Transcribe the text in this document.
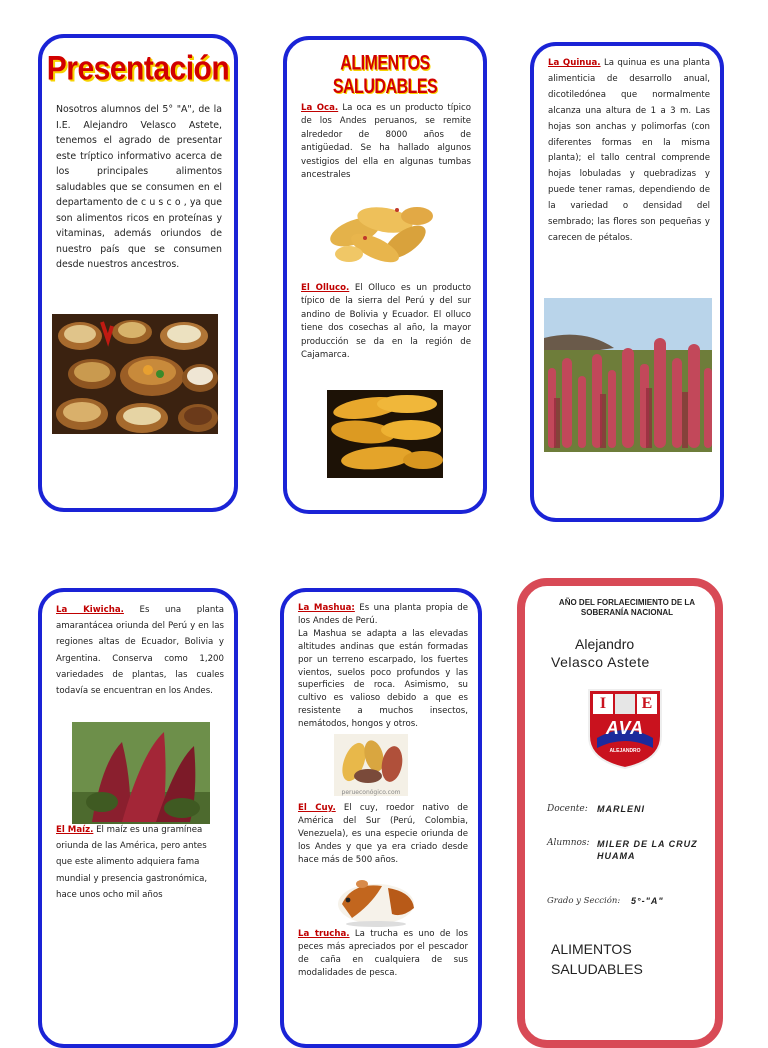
Presentación
Nosotros alumnos del 5° "A", de la I.E. Alejandro Velasco Astete, tenemos el agrado de presentar este tríptico informativo acerca de los principales alimentos saludables que se consumen en el departamento de c u s c o , ya que son alimentos ricos en proteínas y vitaminas, además oriundos de nuestro país que se consumen desde nuestros ancestros.
ALIMENTOS SALUDABLES
La Oca. La oca es un producto típico de los Andes peruanos, se remite alrededor de 8000 años de antigüedad. Se ha hallado algunos vestigios del ella en algunas tumbas ancestrales
El Olluco. El Olluco es un producto típico de la sierra del Perú y del sur andino de Bolivia y Ecuador. El olluco tiene dos cosechas al año, la mayor producción se da en la región de Cajamarca.
La Quinua. La quinua es una planta alimenticia de desarrollo anual, dicotiledónea que normalmente alcanza una altura de 1 a 3 m. Las hojas son anchas y polimorfas (con diferentes formas en la misma planta); el tallo central comprende hojas lobuladas y quebradizas y puede tener ramas, dependiendo de la variedad o densidad del sembrado; las flores son pequeñas y carecen de pétalos.
La Kiwicha. Es una planta amarantácea oriunda del Perú y en las regiones altas de Ecuador, Bolivia y Argentina. Conserva como 1,200 variedades de plantas, las cuales todavía se encuentran en los Andes.
El Maíz. El maíz es una gramínea oriunda de las América, pero antes que este alimento adquiera fama mundial y presencia gastronómica, hace unos ocho mil años
La Mashua: Es una planta propia de los Andes de Perú.
La Mashua se adapta a las elevadas altitudes andinas que están formadas por un terreno escarpado, los fuertes vientos, suelos poco profundos y las superficies de roca. Asimismo, su cultivo es valioso debido a que es resistente a muchos insectos, nemátodos, hongos y otros.
perueconógico.com
El Cuy. El cuy, roedor nativo de América del Sur (Perú, Colombia, Venezuela), es una especie oriunda de los Andes y que ya era criado desde hace más de 500 años.
La trucha. La trucha es uno de los peces más apreciados por el pescador de caña en cualquiera de sus modalidades de pesca.
AÑO DEL FORLAECIMIENTO DE LA SOBERANÍA NACIONAL
Alejandro
Velasco Astete
I	E
AVA
ALEJANDRO
Docente: MARLENI
Alumnos: MILER DE LA CRUZ HUAMA
Grado y Sección: 5°-"A"
ALIMENTOS
SALUDABLES
